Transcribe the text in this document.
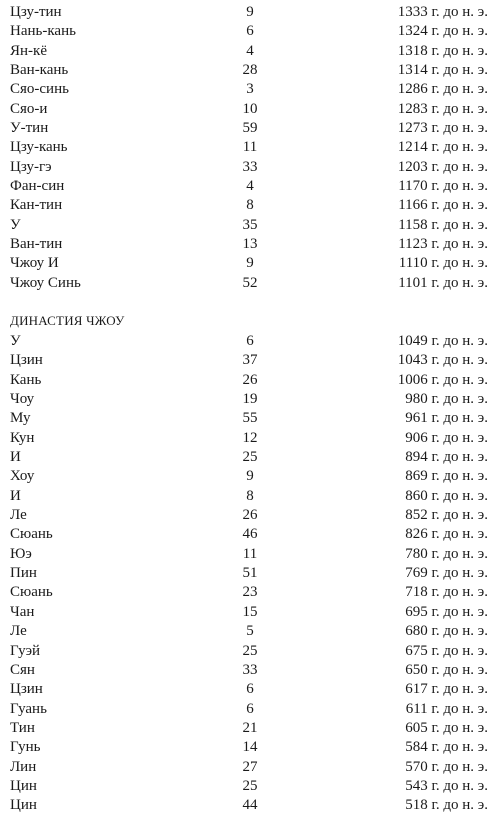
Цзу-тин	9	1333 г. до н. э.
Нань-кань	6	1324 г. до н. э.
Ян-кё	4	1318 г. до н. э.
Ван-кань	28	1314 г. до н. э.
Сяо-синь	3	1286 г. до н. э.
Сяо-и	10	1283 г. до н. э.
У-тин	59	1273 г. до н. э.
Цзу-кань	11	1214 г. до н. э.
Цзу-гэ	33	1203 г. до н. э.
Фан-син	4	1170 г. до н. э.
Кан-тин	8	1166 г. до н. э.
У	35	1158 г. до н. э.
Ван-тин	13	1123 г. до н. э.
Чжоу И	9	1110 г. до н. э.
Чжоу Синь	52	1101 г. до н. э.
ДИНАСТИЯ ЧЖОУ
У	6	1049 г. до н. э.
Цзин	37	1043 г. до н. э.
Кань	26	1006 г. до н. э.
Чоу	19	980 г. до н. э.
Му	55	961 г. до н. э.
Кун	12	906 г. до н. э.
И	25	894 г. до н. э.
Хоу	9	869 г. до н. э.
И	8	860 г. до н. э.
Ле	26	852 г. до н. э.
Сюань	46	826 г. до н. э.
Юэ	11	780 г. до н. э.
Пин	51	769 г. до н. э.
Сюань	23	718 г. до н. э.
Чан	15	695 г. до н. э.
Ле	5	680 г. до н. э.
Гуэй	25	675 г. до н. э.
Сян	33	650 г. до н. э.
Цзин	6	617 г. до н. э.
Гуань	6	611 г. до н. э.
Тин	21	605 г. до н. э.
Гунь	14	584 г. до н. э.
Лин	27	570 г. до н. э.
Цин	25	543 г. до н. э.
Цин	44	518 г. до н. э.
